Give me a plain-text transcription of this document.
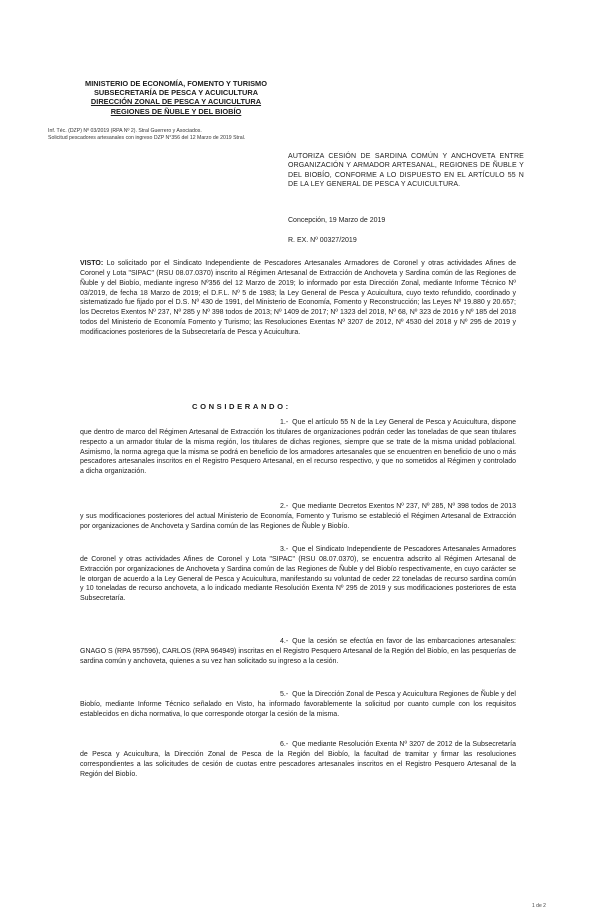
MINISTERIO DE ECONOMÍA, FOMENTO Y TURISMO
SUBSECRETARÍA DE PESCA Y ACUICULTURA
DIRECCIÓN ZONAL DE PESCA Y ACUICULTURA
REGIONES DE ÑUBLE Y DEL BIOBÍO
Inf. Téc. (DZP) Nº 03/2019 (RPA Nº 2). Stral Guerrero y Asociados.
Solicitud pescadores artesanales con ingreso DZP N°356 del 12 Marzo de 2019 Stral.
AUTORIZA CESIÓN DE SARDINA COMÚN Y ANCHOVETA ENTRE ORGANIZACIÓN Y ARMADOR ARTESANAL, REGIONES DE ÑUBLE Y DEL BIOBÍO, CONFORME A LO DISPUESTO EN EL ARTÍCULO 55 N DE LA LEY GENERAL DE PESCA Y ACUICULTURA.
Concepción, 19 Marzo de 2019
R. EX. Nº 00327/2019
VISTO: Lo solicitado por el Sindicato Independiente de Pescadores Artesanales Armadores de Coronel y otras actividades Afines de Coronel y Lota "SIPAC" (RSU 08.07.0370) inscrito al Régimen Artesanal de Extracción de Anchoveta y Sardina común de las Regiones de Ñuble y del Biobío, mediante ingreso Nº356 del 12 Marzo de 2019; lo informado por esta Dirección Zonal, mediante Informe Técnico Nº 03/2019, de fecha 18 Marzo de 2019; el D.F.L. Nº 5 de 1983; la Ley General de Pesca y Acuicultura, cuyo texto refundido, coordinado y sistematizado fue fijado por el D.S. Nº 430 de 1991, del Ministerio de Economía, Fomento y Reconstrucción; las Leyes Nº 19.880 y 20.657; los Decretos Exentos Nº 237, Nº 285 y Nº 398 todos de 2013; Nº 1409 de 2017; Nº 1323 del 2018, Nº 68, Nº 323 de 2016 y Nº 185 del 2018 todos del Ministerio de Economía Fomento y Turismo; las Resoluciones Exentas Nº 3207 de 2012, Nº 4530 del 2018 y Nº 295 de 2019 y modificaciones posteriores de la Subsecretaría de Pesca y Acuicultura.
CONSIDERANDO:
1.- Que el artículo 55 N de la Ley General de Pesca y Acuicultura, dispone que dentro de marco del Régimen Artesanal de Extracción los titulares de organizaciones podrán ceder las toneladas de que sean titulares respecto a un armador titular de la misma región, los titulares de dichas regiones, siempre que se trate de la misma unidad poblacional. Asimismo, la norma agrega que la misma se podrá en beneficio de los armadores artesanales que se encuentren en beneficio de uno o más pescadores artesanales inscritos en el Registro Pesquero Artesanal, en el recurso respectivo, y que no sometidos al Régimen y controlado a dicha organización.
2.- Que mediante Decretos Exentos Nº 237, Nº 285, Nº 398 todos de 2013 y sus modificaciones posteriores del actual Ministerio de Economía, Fomento y Turismo se estableció el Régimen Artesanal de Extracción por organizaciones de Anchoveta y Sardina común de las Regiones de Ñuble y Biobío.
3.- Que el Sindicato Independiente de Pescadores Artesanales Armadores de Coronel y otras actividades Afines de Coronel y Lota "SIPAC" (RSU 08.07.0370), se encuentra adscrito al Régimen Artesanal de Extracción por organizaciones de Anchoveta y Sardina común de las Regiones de Ñuble y del Biobío respectivamente, en cuyo carácter se le otorgan de acuerdo a la Ley General de Pesca y Acuicultura, manifestando su voluntad de ceder 22 toneladas de recurso sardina común y 10 toneladas de recurso anchoveta, a lo indicado mediante Resolución Exenta Nº 295 de 2019 y sus modificaciones posteriores de esta Subsecretaría.
4.- Que la cesión se efectúa en favor de las embarcaciones artesanales: GNAGO S (RPA 957596), CARLOS (RPA 964949) inscritas en el Registro Pesquero Artesanal de la Región del Biobío, en las pesquerías de sardina común y anchoveta, quienes a su vez han solicitado su ingreso a la cesión.
5.- Que la Dirección Zonal de Pesca y Acuicultura Regiones de Ñuble y del Biobío, mediante Informe Técnico señalado en Visto, ha informado favorablemente la solicitud por cuanto cumple con los requisitos establecidos en dicha normativa, lo que corresponde otorgar la cesión de la misma.
6.- Que mediante Resolución Exenta Nº 3207 de 2012 de la Subsecretaría de Pesca y Acuicultura, la Dirección Zonal de Pesca de la Región del Biobío, la facultad de tramitar y firmar las resoluciones correspondientes a las solicitudes de cesión de cuotas entre pescadores artesanales inscritos en el Registro Pesquero Artesanal de la Región del Biobío.
1 de 2
